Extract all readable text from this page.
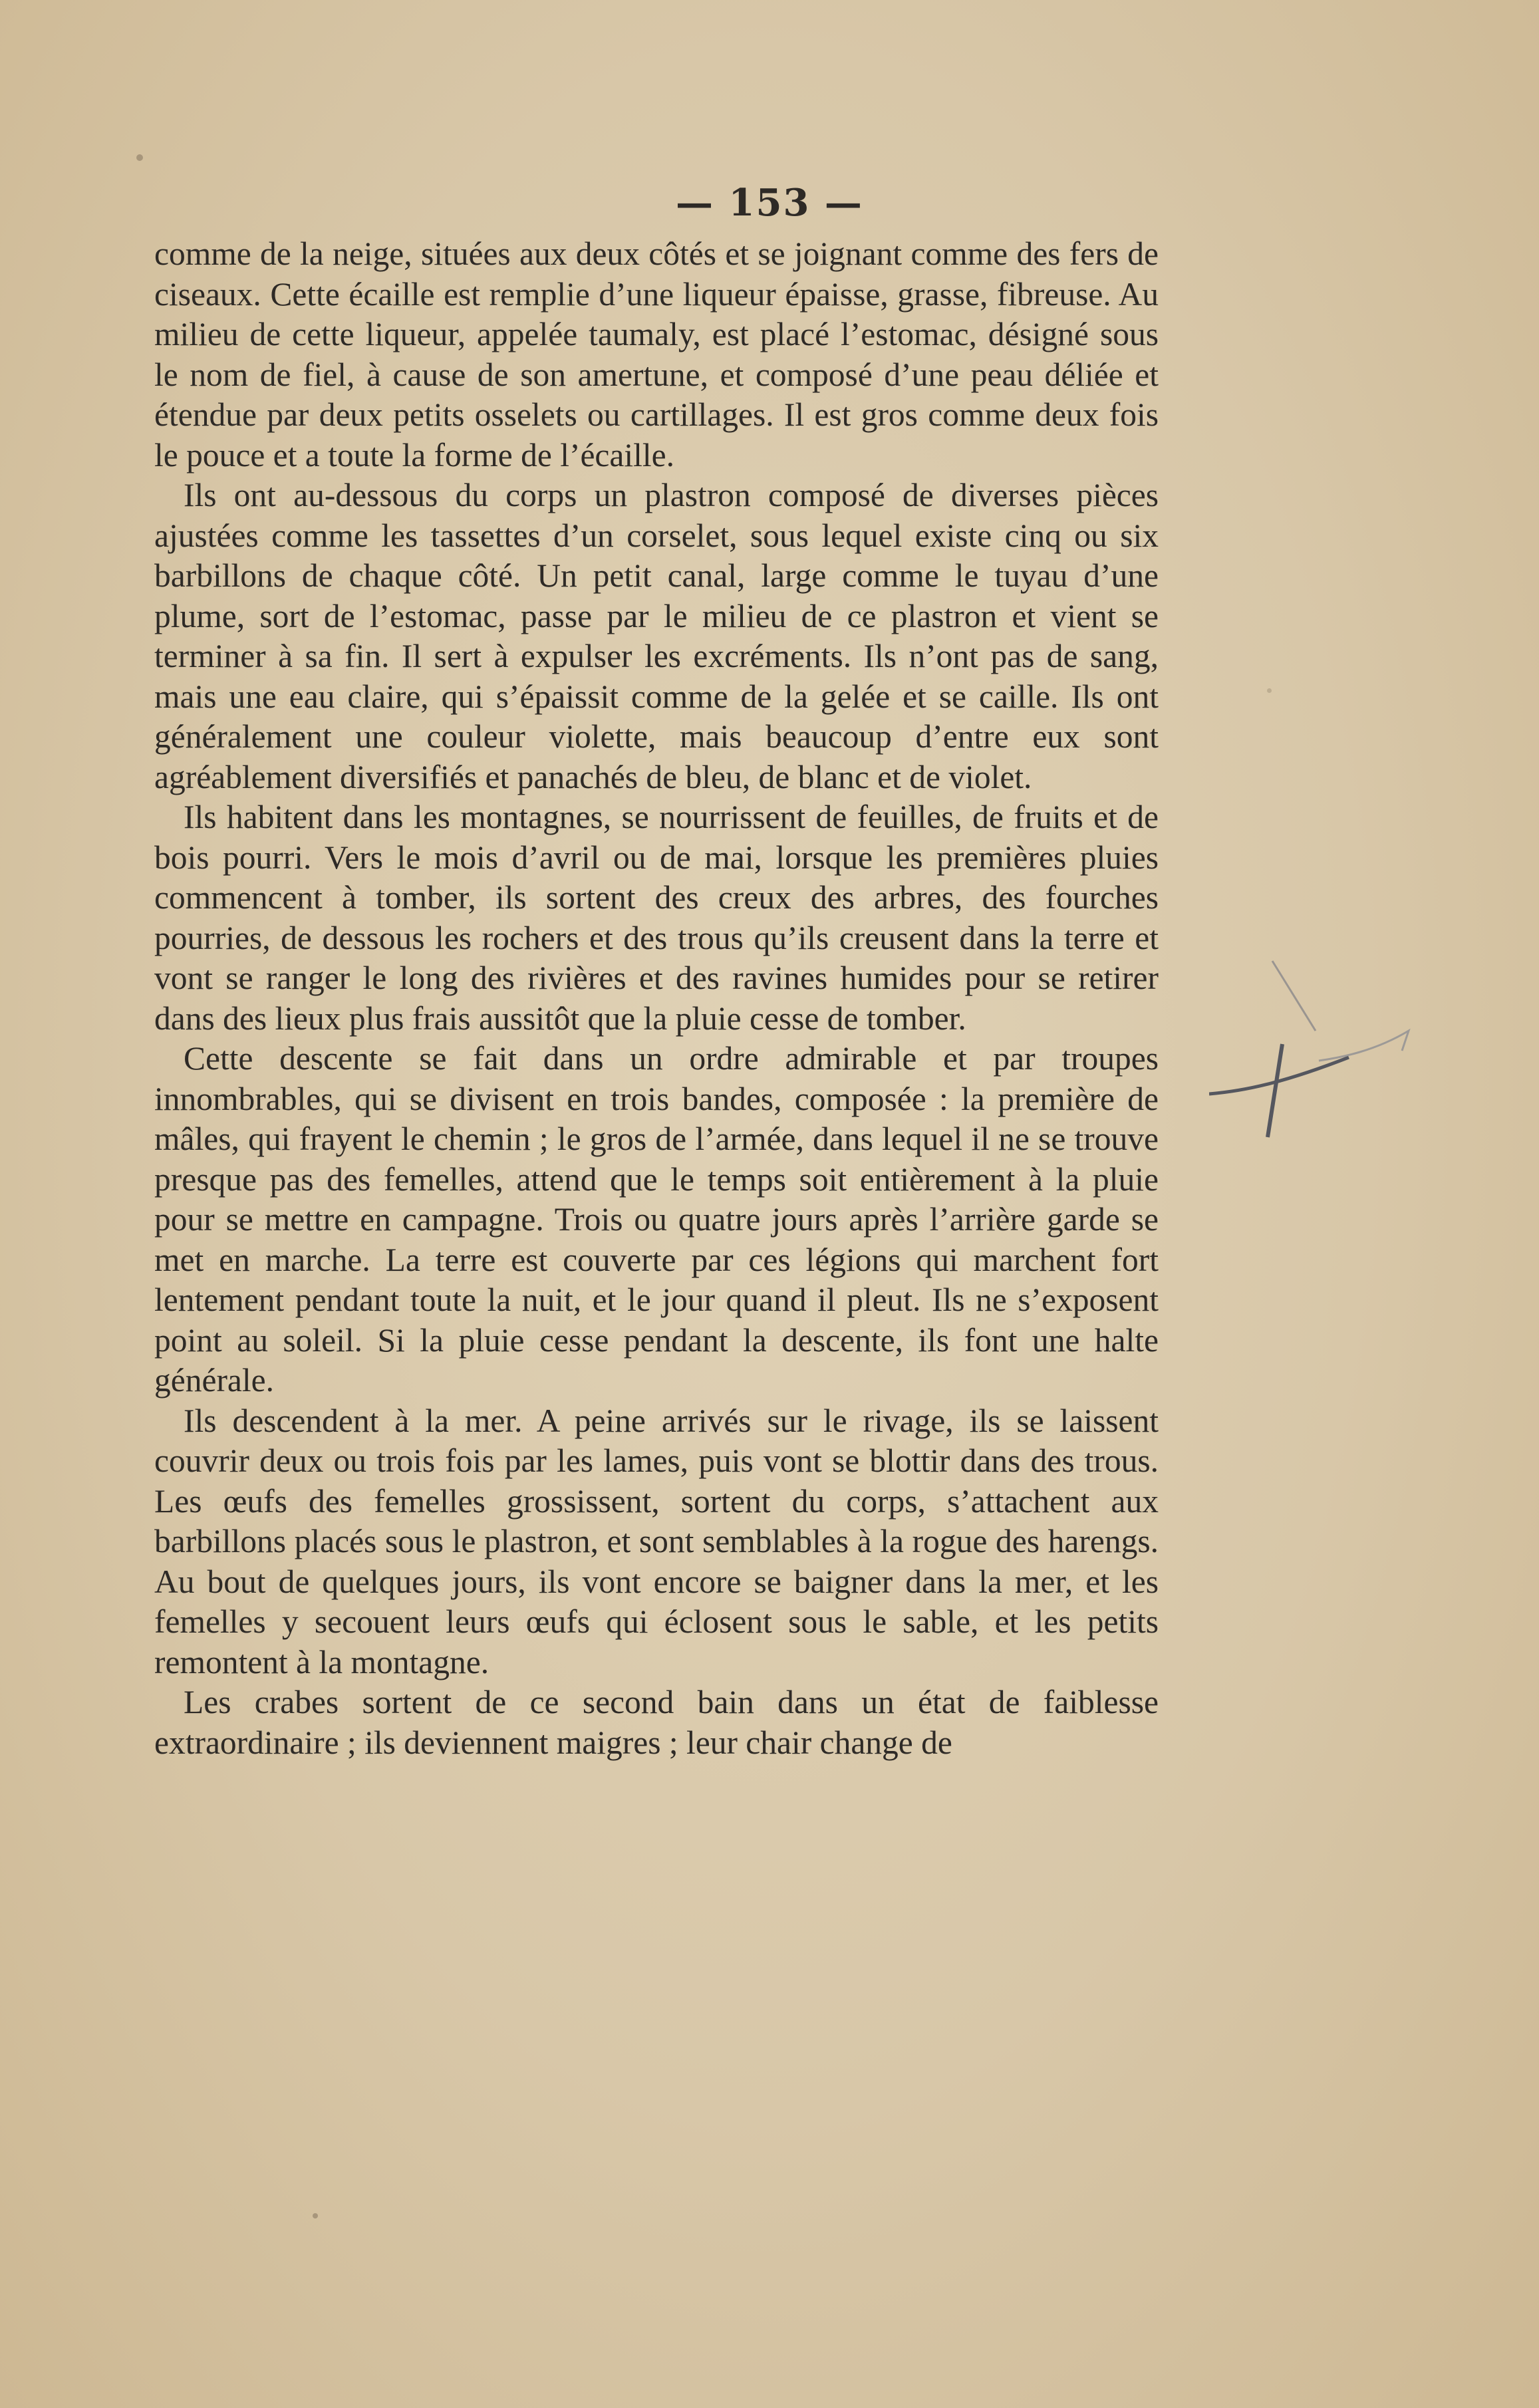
— 153 —

comme de la neige, situées aux deux côtés et se joignant comme des fers de ciseaux. Cette écaille est remplie d’une liqueur épaisse, grasse, fibreuse. Au milieu de cette liqueur, appelée taumaly, est placé l’estomac, désigné sous le nom de fiel, à cause de son amertune, et composé d’une peau déliée et étendue par deux petits osselets ou cartillages. Il est gros comme deux fois le pouce et a toute la forme de l’écaille.

Ils ont au-dessous du corps un plastron composé de diverses pièces ajustées comme les tassettes d’un corselet, sous lequel existe cinq ou six barbillons de chaque côté. Un petit canal, large comme le tuyau d’une plume, sort de l’estomac, passe par le milieu de ce plastron et vient se terminer à sa fin. Il sert à expulser les excréments. Ils n’ont pas de sang, mais une eau claire, qui s’épaissit comme de la gelée et se caille. Ils ont généralement une couleur violette, mais beaucoup d’entre eux sont agréablement diversifiés et panachés de bleu, de blanc et de violet.

Ils habitent dans les montagnes, se nourrissent de feuilles, de fruits et de bois pourri. Vers le mois d’avril ou de mai, lorsque les premières pluies commencent à tomber, ils sortent des creux des arbres, des fourches pourries, de dessous les rochers et des trous qu’ils creusent dans la terre et vont se ranger le long des rivières et des ravines humides pour se retirer dans des lieux plus frais aussitôt que la pluie cesse de tomber.

Cette descente se fait dans un ordre admirable et par troupes innombrables, qui se divisent en trois bandes, composée : la première de mâles, qui frayent le chemin ; le gros de l’armée, dans lequel il ne se trouve presque pas des femelles, attend que le temps soit entièrement à la pluie pour se mettre en campagne. Trois ou quatre jours après l’arrière garde se met en marche. La terre est couverte par ces légions qui marchent fort lentement pendant toute la nuit, et le jour quand il pleut. Ils ne s’exposent point au soleil. Si la pluie cesse pendant la descente, ils font une halte générale.

Ils descendent à la mer. A peine arrivés sur le rivage, ils se laissent couvrir deux ou trois fois par les lames, puis vont se blottir dans des trous. Les œufs des femelles grossissent, sortent du corps, s’attachent aux barbillons placés sous le plastron, et sont semblables à la rogue des harengs. Au bout de quelques jours, ils vont encore se baigner dans la mer, et les femelles y secouent leurs œufs qui éclosent sous le sable, et les petits remontent à la montagne.

Les crabes sortent de ce second bain dans un état de faiblesse extraordinaire ; ils deviennent maigres ; leur chair change de
